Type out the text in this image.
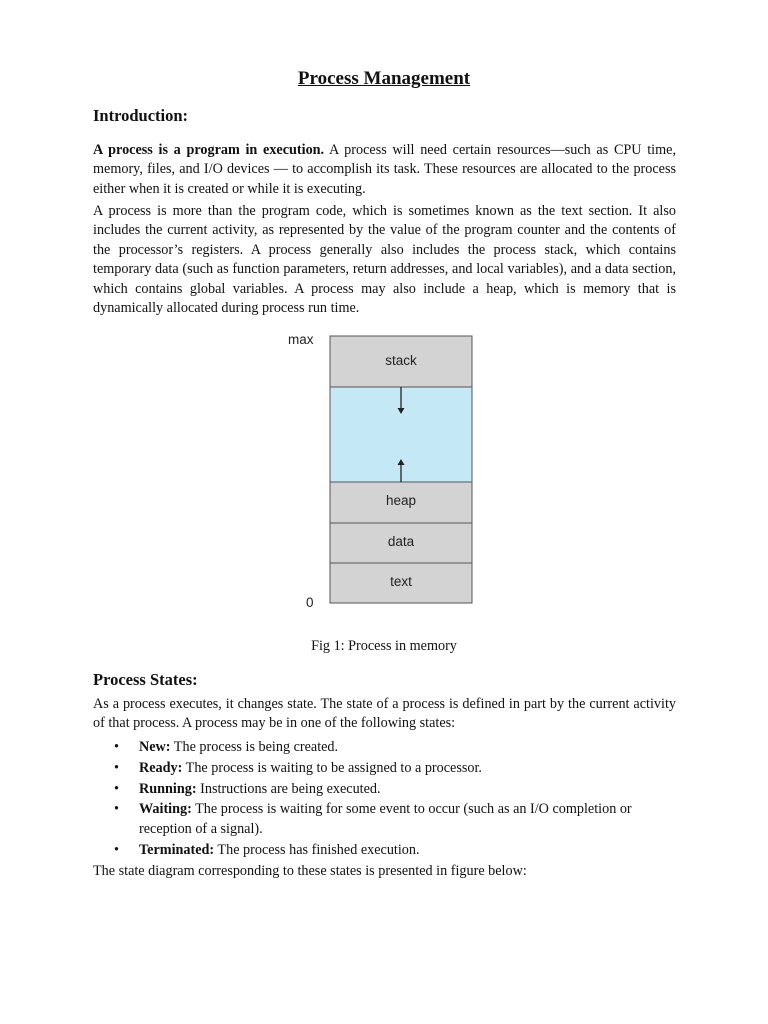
Process Management
Introduction:

A process is a program in execution. A process will need certain resources—such as CPU time, memory, files, and I/O devices — to accomplish its task. These resources are allocated to the process either when it is created or while it is executing.

A process is more than the program code, which is sometimes known as the text section. It also includes the current activity, as represented by the value of the program counter and the contents of the processor’s registers. A process generally also includes the process stack, which contains temporary data (such as function parameters, return addresses, and local variables), and a data section, which contains global variables. A process may also include a heap, which is memory that is dynamically allocated during process run time.

max
0
stack
heap
data
text

Fig 1: Process in memory

Process States:

As a process executes, it changes state. The state of a process is defined in part by the current activity of that process. A process may be in one of the following states:

• New: The process is being created.
• Ready: The process is waiting to be assigned to a processor.
• Running: Instructions are being executed.
• Waiting: The process is waiting for some event to occur (such as an I/O completion or reception of a signal).
• Terminated: The process has finished execution.

The state diagram corresponding to these states is presented in figure below:
